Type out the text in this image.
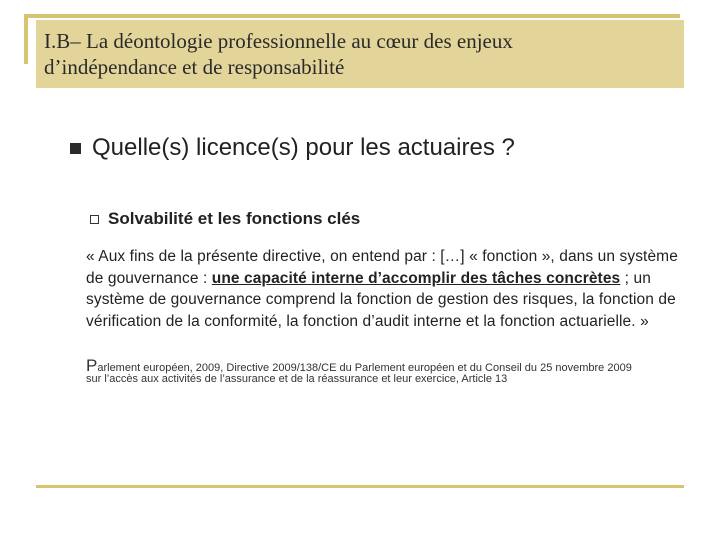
I.B– La déontologie professionnelle au cœur des enjeux
d’indépendance et de responsabilité
Quelle(s) licence(s) pour les actuaires ?
Solvabilité et les fonctions clés
« Aux fins de la présente directive, on entend par : […] « fonction », dans un système de gouvernance : une capacité interne d’accomplir des tâches concrètes ; un système de gouvernance comprend la fonction de gestion des risques, la fonction de vérification de la conformité, la fonction d’audit interne et la fonction actuarielle. »
Parlement européen, 2009, Directive 2009/138/CE du Parlement européen et du Conseil du 25 novembre 2009
sur l’accès aux activités de l’assurance et de la réassurance et leur exercice, Article 13
